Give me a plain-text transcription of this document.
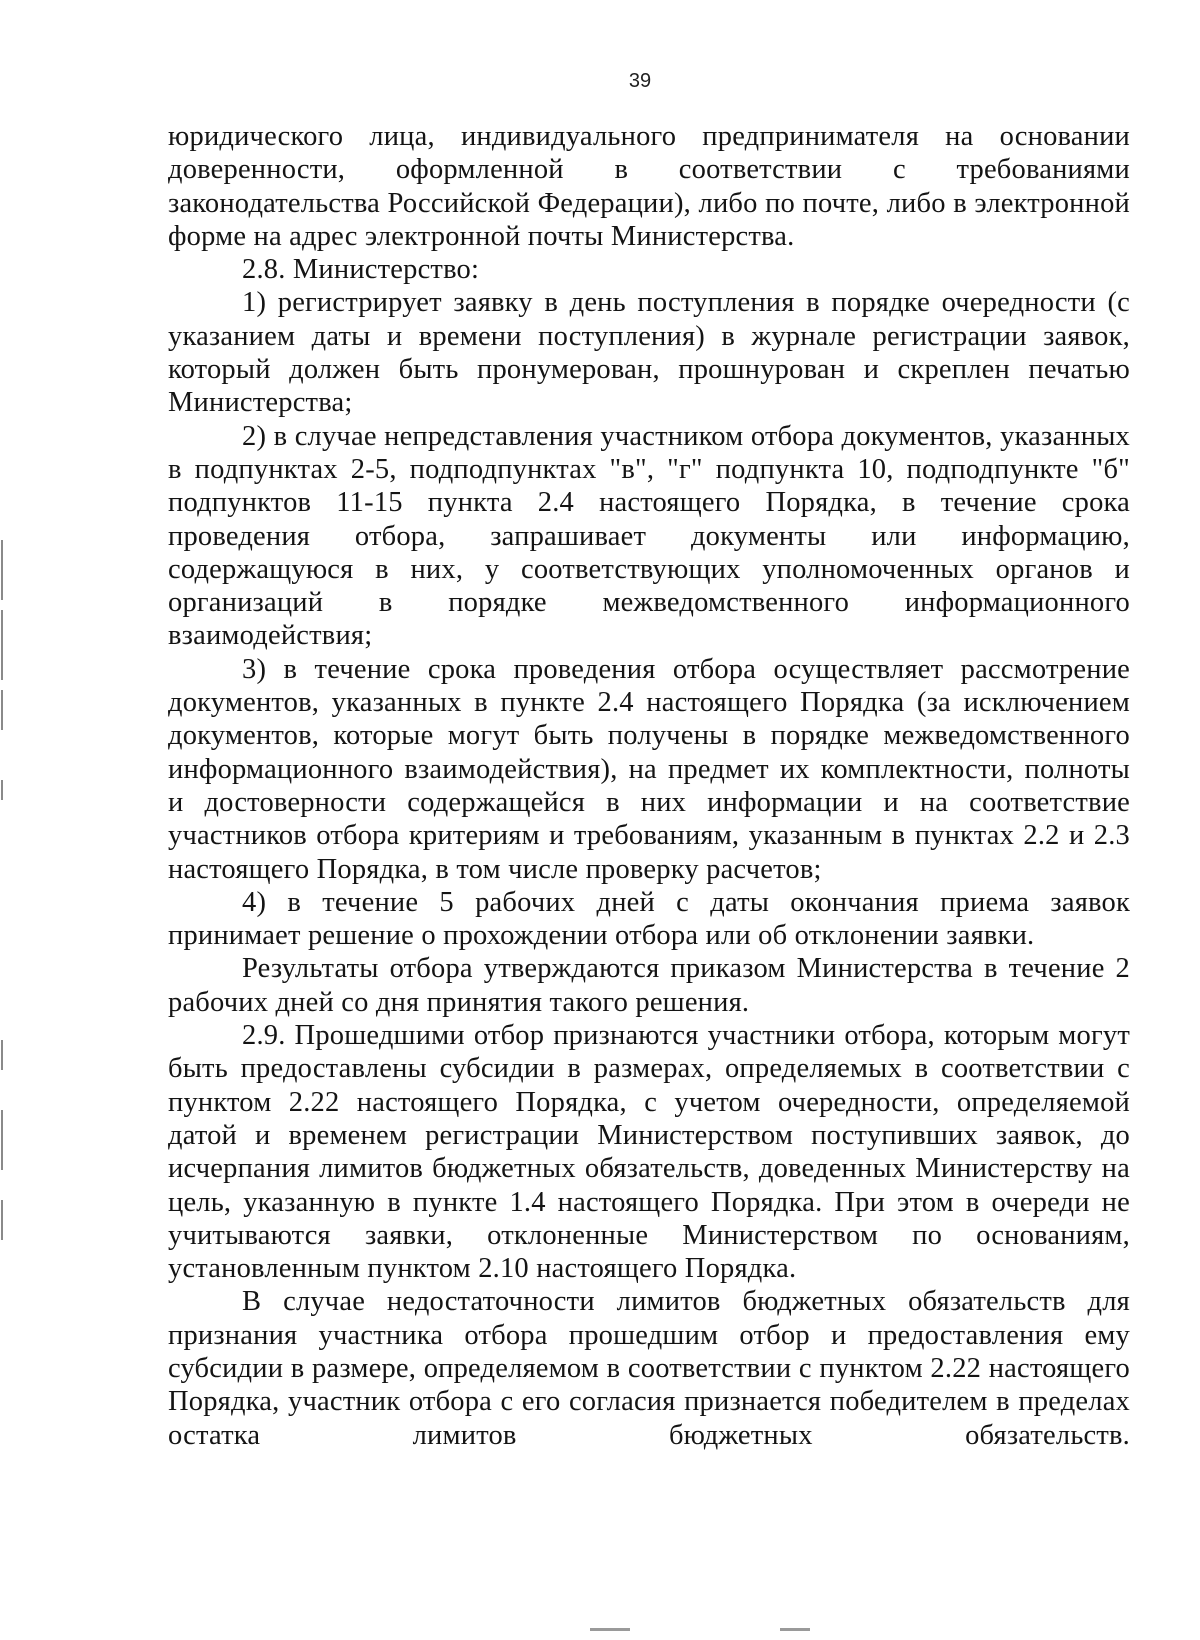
39

юридического лица, индивидуального предпринимателя на основании доверенности, оформленной в соответствии с требованиями законодательства Российской Федерации), либо по почте, либо в электронной форме на адрес электронной почты Министерства.

2.8. Министерство:

1) регистрирует заявку в день поступления в порядке очередности (с указанием даты и времени поступления) в журнале регистрации заявок, который должен быть пронумерован, прошнурован и скреплен печатью Министерства;

2) в случае непредставления участником отбора документов, указанных в подпунктах 2-5, подподпунктах "в", "г" подпункта 10, подподпункте "б" подпунктов 11-15 пункта 2.4 настоящего Порядка, в течение срока проведения отбора, запрашивает документы или информацию, содержащуюся в них, у соответствующих уполномоченных органов и организаций в порядке межведомственного информационного взаимодействия;

3) в течение срока проведения отбора осуществляет рассмотрение документов, указанных в пункте 2.4 настоящего Порядка (за исключением документов, которые могут быть получены в порядке межведомственного информационного взаимодействия), на предмет их комплектности, полноты и достоверности содержащейся в них информации и на соответствие участников отбора критериям и требованиям, указанным в пунктах 2.2 и 2.3 настоящего Порядка, в том числе проверку расчетов;

4) в течение 5 рабочих дней с даты окончания приема заявок принимает решение о прохождении отбора или об отклонении заявки.

Результаты отбора утверждаются приказом Министерства в течение 2 рабочих дней со дня принятия такого решения.

2.9. Прошедшими отбор признаются участники отбора, которым могут быть предоставлены субсидии в размерах, определяемых в соответствии с пунктом 2.22 настоящего Порядка, с учетом очередности, определяемой датой и временем регистрации Министерством поступивших заявок, до исчерпания лимитов бюджетных обязательств, доведенных Министерству на цель, указанную в пункте 1.4 настоящего Порядка. При этом в очереди не учитываются заявки, отклоненные Министерством по основаниям, установленным пунктом 2.10 настоящего Порядка.

В случае недостаточности лимитов бюджетных обязательств для признания участника отбора прошедшим отбор и предоставления ему субсидии в размере, определяемом в соответствии с пунктом 2.22 настоящего Порядка, участник отбора с его согласия признается победителем в пределах остатка лимитов бюджетных обязательств.
